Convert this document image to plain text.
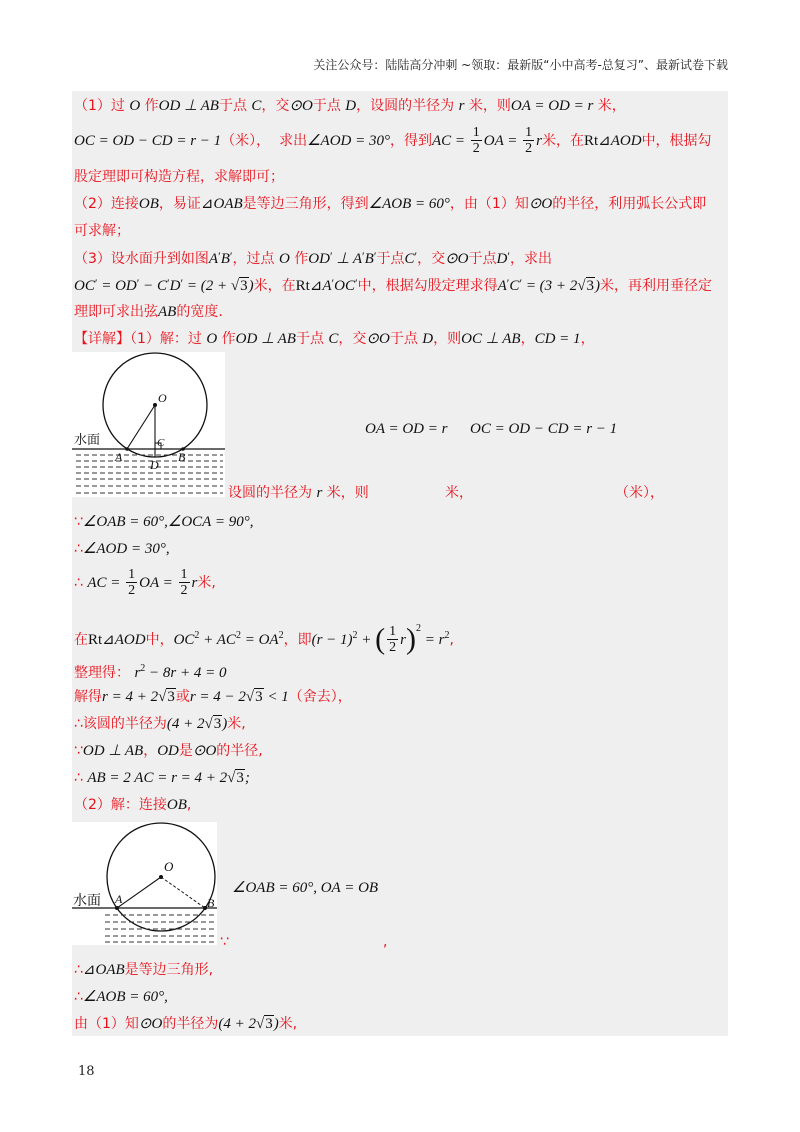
关注公众号：陆陆高分冲刺 ~领取：最新版“小中高考-总复习”、最新试卷下载
（1）过 O 作OD ⊥ AB于点 C，交⊙O于点 D，设圆的半径为 r 米，则OA = OD = r 米，
OC = OD − CD = r − 1（米），  求出∠AOD = 30°，得到AC = $\frac{1}{2}$ OA = $\frac{1}{2}$ r米，在Rt⊿AOD中，根据勾
股定理即可构造方程，求解即可；
（2）连接OB，易证⊿OAB是等边三角形，得到∠AOB = 60°，由（1）知⊙O的半径，利用弧长公式即
可求解；
（3）设水面升到如图A′B′，过点 O 作OD′ ⊥ A′B′于点C′，交⊙O于点D′，求出
OC′ = OD′ − C′D′ = (2 + √3)米，在Rt⊿A′OC′中，根据勾股定理求得A′C′ = (3 + 2√3)米，再利用垂径定
理即可求出弦AB的宽度.
【详解】（1）解：过 O 作OD ⊥ AB于点 C，交⊙O于点 D，则OC ⊥ AB，CD = 1，
O
C
A	B
D
水面
OA = OD = r OC = OD − CD = r − 1
设圆的半径为 r 米，则	米，	（米），
∵∠OAB = 60°,∠OCA = 90°,
∴∠AOD = 30°,
∴ AC = $\frac{1}{2}$ OA = $\frac{1}{2}$ r米,
在Rt⊿AOD中，$OC^2 + AC^2 = OA^2$，即$(r - 1)^2$ + ( $\frac{1}{2} r)^2 = r^2$,
整理得： $r^2 - 8r + 4 = 0$
解得r = 4 + 2√3或r = 4 − 2√3 < 1（舍去），
∴该圆的半径为(4 + 2√3)米,
∵OD ⊥ AB，OD是⊙O的半径,
∴ AB = 2 AC = r = 4 + 2√3;
（2）解：连接OB,
O
A	B
水面
∠OAB = 60°, OA = OB
∵	,
∴⊿OAB是等边三角形,
∴∠AOB = 60°,
由（1）知⊙O的半径为(4 + 2√3)米,
18
